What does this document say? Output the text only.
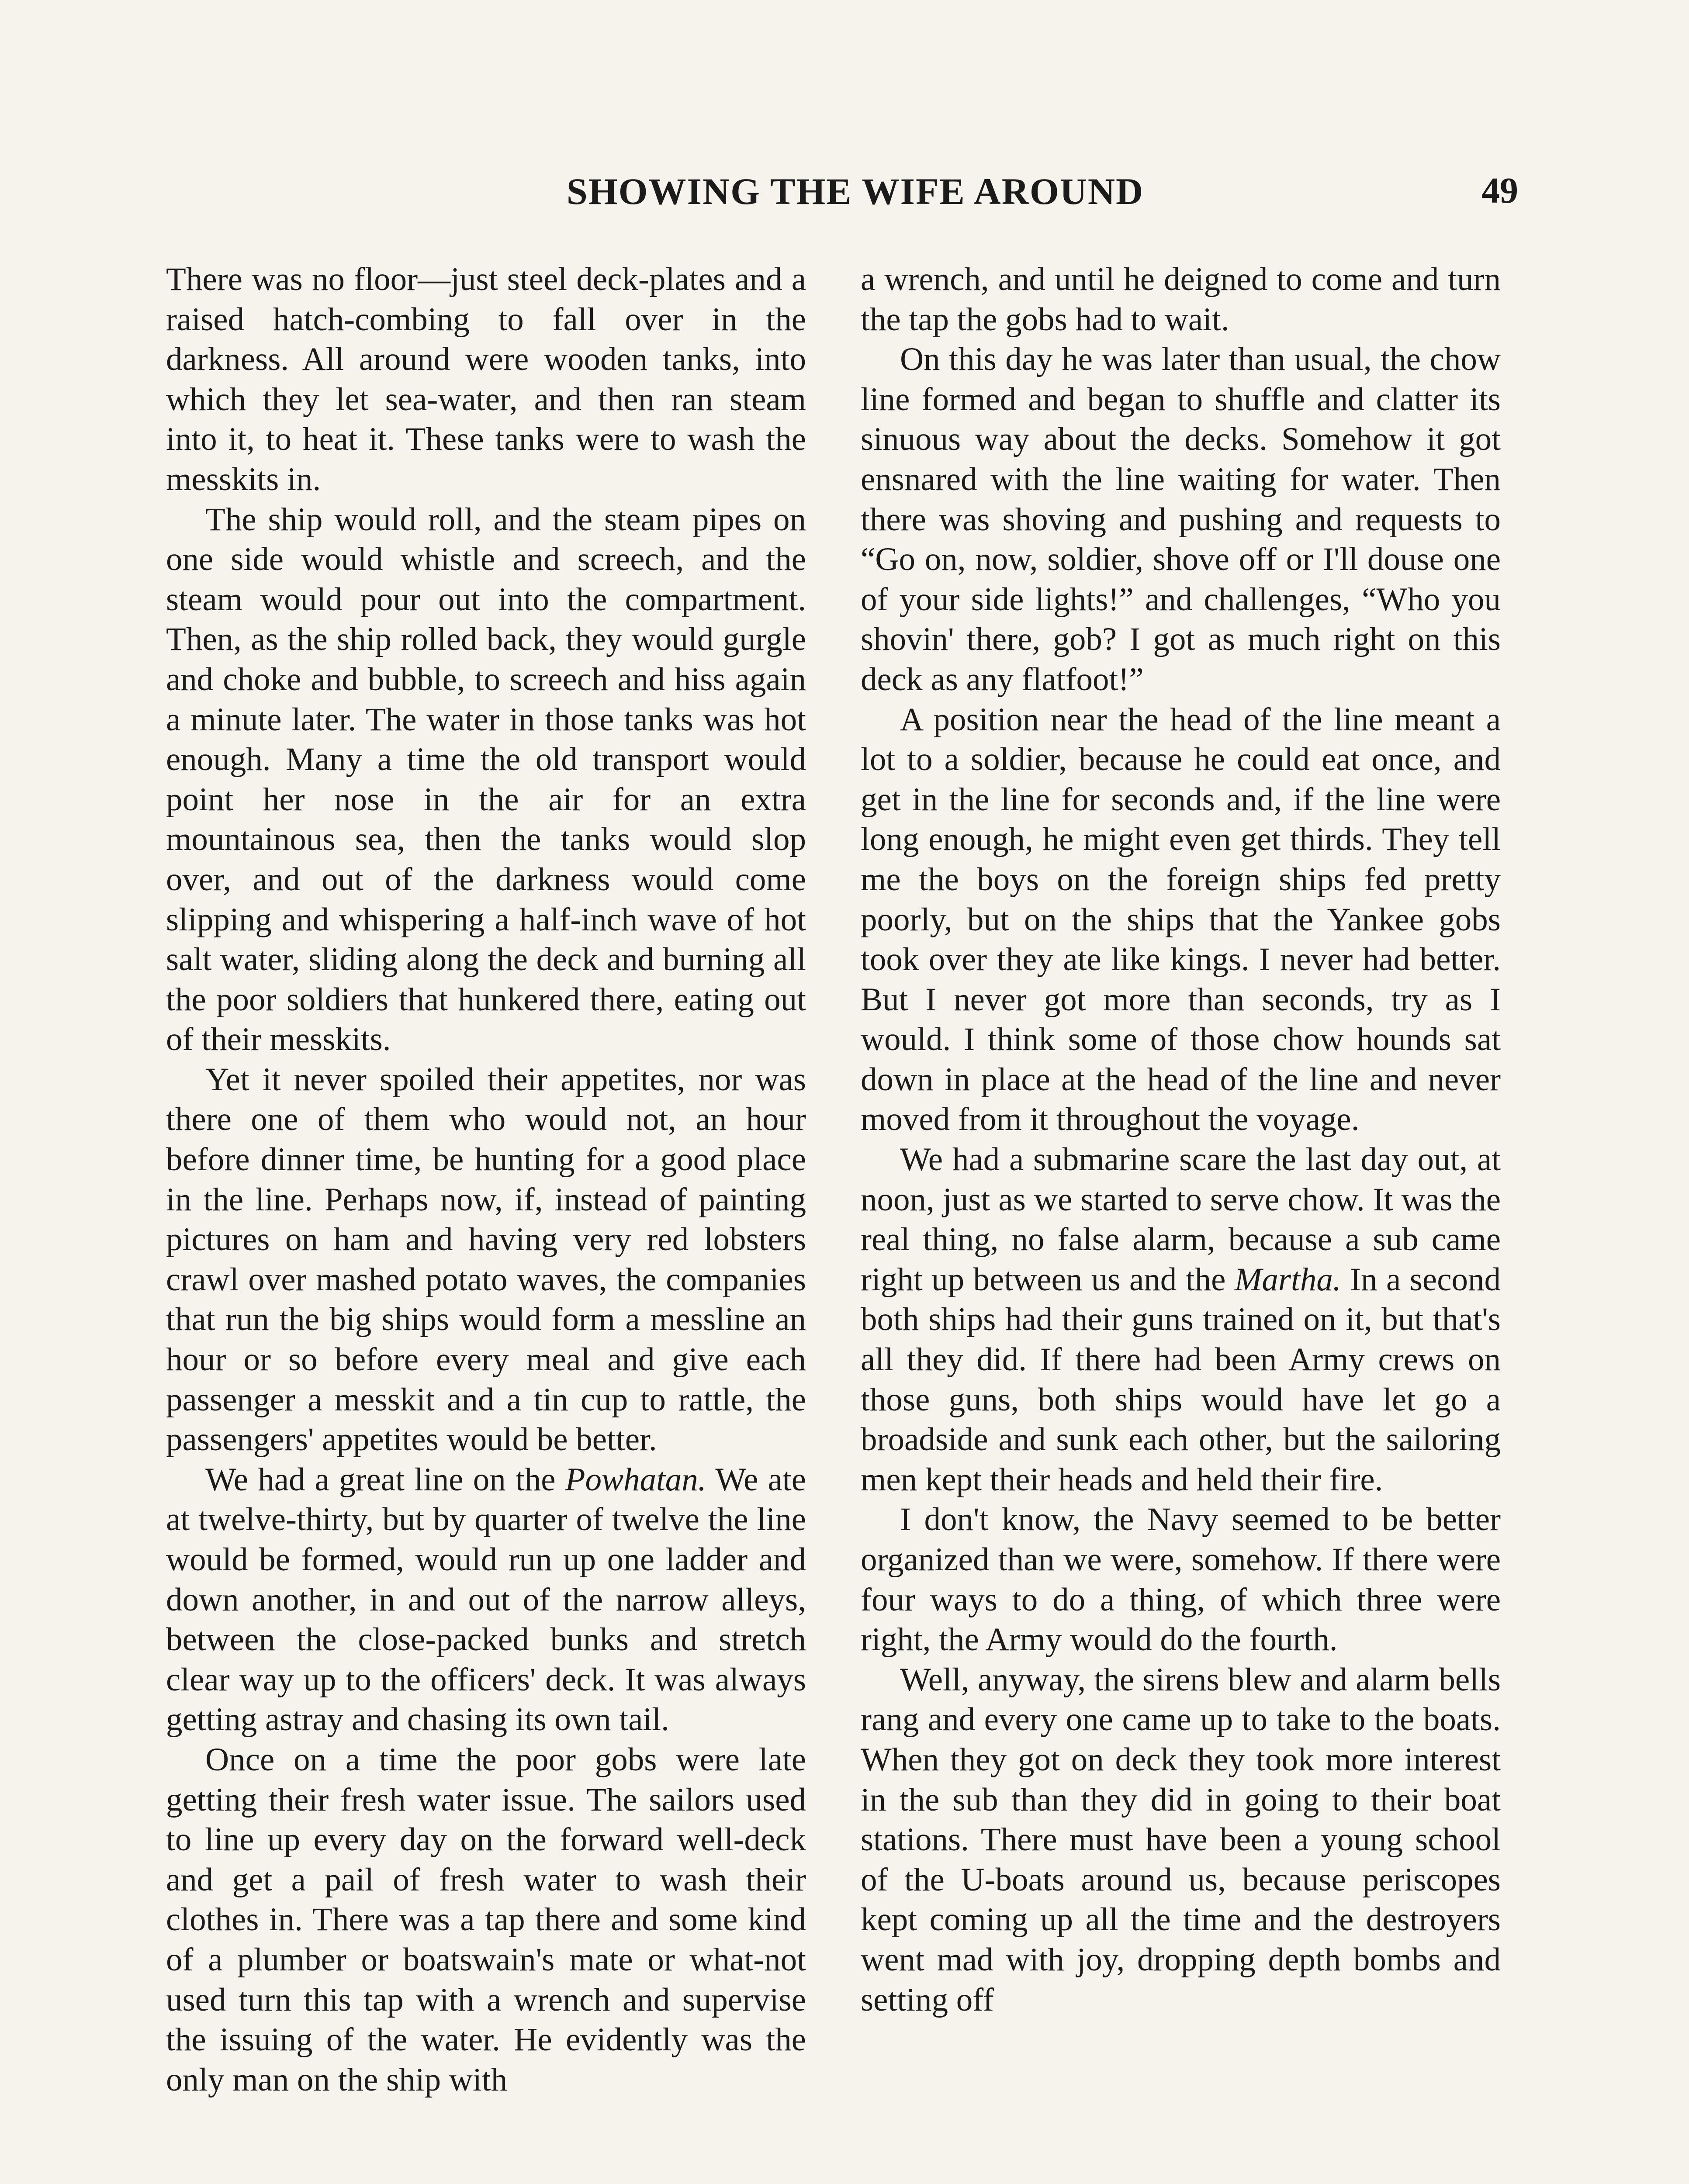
SHOWING THE WIFE AROUND	49

There was no floor—just steel deck-plates and a raised hatch-combing to fall over in the darkness. All around were wooden tanks, into which they let sea-water, and then ran steam into it, to heat it. These tanks were to wash the messkits in.

The ship would roll, and the steam pipes on one side would whistle and screech, and the steam would pour out into the compartment. Then, as the ship rolled back, they would gurgle and choke and bubble, to screech and hiss again a minute later. The water in those tanks was hot enough. Many a time the old transport would point her nose in the air for an extra mountainous sea, then the tanks would slop over, and out of the darkness would come slipping and whispering a half-inch wave of hot salt water, sliding along the deck and burning all the poor soldiers that hunkered there, eating out of their messkits.

Yet it never spoiled their appetites, nor was there one of them who would not, an hour before dinner time, be hunting for a good place in the line. Perhaps now, if, instead of painting pictures on ham and having very red lobsters crawl over mashed potato waves, the companies that run the big ships would form a messline an hour or so before every meal and give each passenger a messkit and a tin cup to rattle, the passengers' appetites would be better.

We had a great line on the Powhatan. We ate at twelve-thirty, but by quarter of twelve the line would be formed, would run up one ladder and down another, in and out of the narrow alleys, between the close-packed bunks and stretch clear way up to the officers' deck. It was always getting astray and chasing its own tail.

Once on a time the poor gobs were late getting their fresh water issue. The sailors used to line up every day on the forward well-deck and get a pail of fresh water to wash their clothes in. There was a tap there and some kind of a plumber or boatswain's mate or what-not used turn this tap with a wrench and supervise the issuing of the water. He evidently was the only man on the ship with

a wrench, and until he deigned to come and turn the tap the gobs had to wait.

On this day he was later than usual, the chow line formed and began to shuffle and clatter its sinuous way about the decks. Somehow it got ensnared with the line waiting for water. Then there was shoving and pushing and requests to “Go on, now, soldier, shove off or I'll douse one of your side lights!” and challenges, “Who you shovin' there, gob? I got as much right on this deck as any flatfoot!”

A position near the head of the line meant a lot to a soldier, because he could eat once, and get in the line for seconds and, if the line were long enough, he might even get thirds. They tell me the boys on the foreign ships fed pretty poorly, but on the ships that the Yankee gobs took over they ate like kings. I never had better. But I never got more than seconds, try as I would. I think some of those chow hounds sat down in place at the head of the line and never moved from it throughout the voyage.

We had a submarine scare the last day out, at noon, just as we started to serve chow. It was the real thing, no false alarm, because a sub came right up between us and the Martha. In a second both ships had their guns trained on it, but that's all they did. If there had been Army crews on those guns, both ships would have let go a broadside and sunk each other, but the sailoring men kept their heads and held their fire.

I don't know, the Navy seemed to be better organized than we were, somehow. If there were four ways to do a thing, of which three were right, the Army would do the fourth.

Well, anyway, the sirens blew and alarm bells rang and every one came up to take to the boats. When they got on deck they took more interest in the sub than they did in going to their boat stations. There must have been a young school of the U-boats around us, because periscopes kept coming up all the time and the destroyers went mad with joy, dropping depth bombs and setting off
